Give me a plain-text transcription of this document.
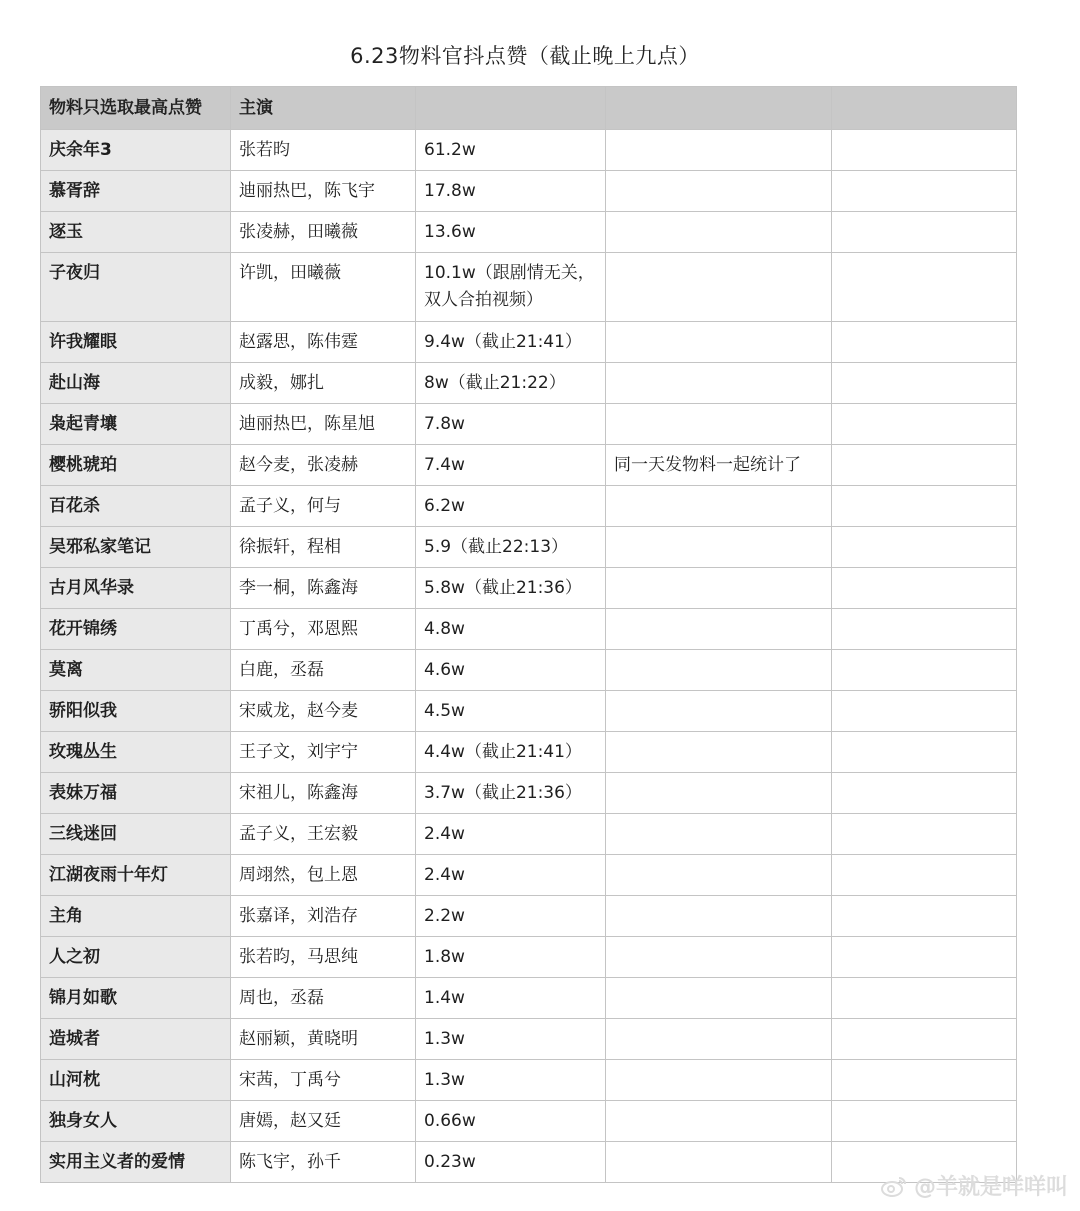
6.23物料官抖点赞（截止晚上九点）
物料只选取最高点赞	主演			
庆余年3	张若昀	61.2w		
慕胥辞	迪丽热巴，陈飞宇	17.8w		
逐玉	张凌赫，田曦薇	13.6w		
子夜归	许凯，田曦薇	10.1w（跟剧情无关，双人合拍视频）		
许我耀眼	赵露思，陈伟霆	9.4w（截止21:41）		
赴山海	成毅，娜扎	8w（截止21:22）		
枭起青壤	迪丽热巴，陈星旭	7.8w		
樱桃琥珀	赵今麦，张凌赫	7.4w	同一天发物料一起统计了	
百花杀	孟子义，何与	6.2w		
吴邪私家笔记	徐振轩，程相	5.9（截止22:13）		
古月风华录	李一桐，陈鑫海	5.8w（截止21:36）		
花开锦绣	丁禹兮，邓恩熙	4.8w		
莫离	白鹿，丞磊	4.6w		
骄阳似我	宋威龙，赵今麦	4.5w		
玫瑰丛生	王子文，刘宇宁	4.4w（截止21:41）		
表妹万福	宋祖儿，陈鑫海	3.7w（截止21:36）		
三线迷回	孟子义，王宏毅	2.4w		
江湖夜雨十年灯	周翊然，包上恩	2.4w		
主角	张嘉译，刘浩存	2.2w		
人之初	张若昀，马思纯	1.8w		
锦月如歌	周也，丞磊	1.4w		
造城者	赵丽颖，黄晓明	1.3w		
山河枕	宋茜，丁禹兮	1.3w		
独身女人	唐嫣，赵又廷	0.66w		
实用主义者的爱情	陈飞宇，孙千	0.23w		
@羊就是咩咩叫
